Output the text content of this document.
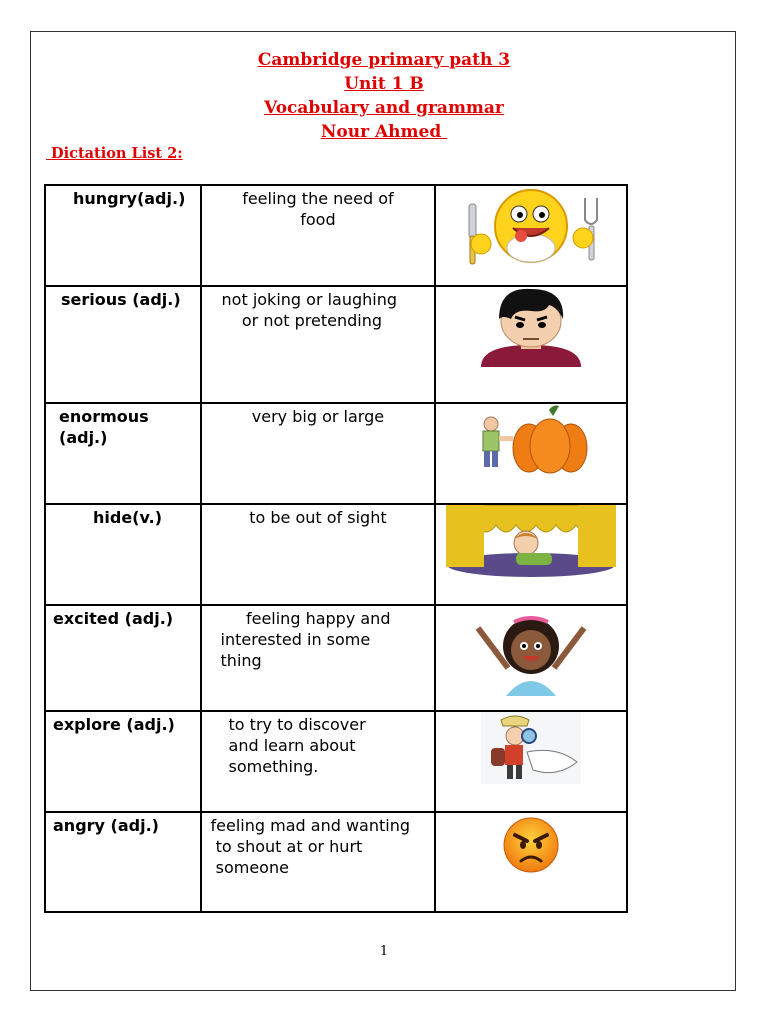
Cambridge primary path 3
Unit 1 B
Vocabulary and grammar
Nour Ahmed
Dictation List 2:
hungry(adj.)	feeling the need of
food

serious (adj.)	not joking or laughing
or not pretending

enormous
(adj.)	very big or large

hide(v.)	to be out of sight

excited (adj.)	feeling happy and
interested in some
thing

explore (adj.)	to try to discover
and learn about
something.

angry (adj.)	feeling mad and wanting
to shout at or hurt
someone

1
